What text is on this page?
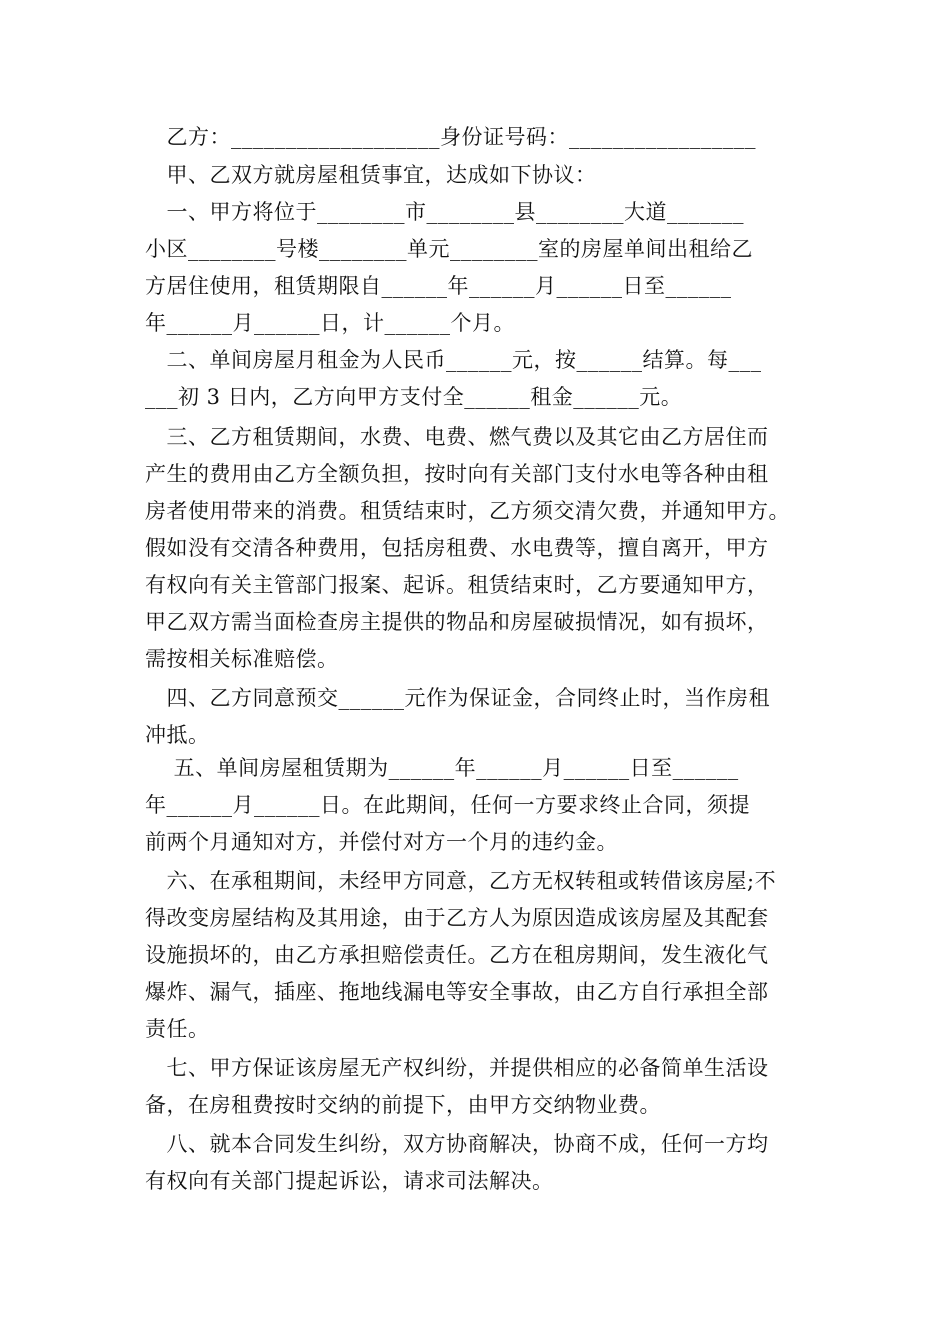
　乙方：___________________身份证号码：_________________
　甲、乙双方就房屋租赁事宜，达成如下协议：
　一、甲方将位于________市________县________大道_______
小区________号楼________单元________室的房屋单间出租给乙
方居住使用，租赁期限自______年______月______日至______
年______月______日，计______个月。
　二、单间房屋月租金为人民币______元，按______结算。每___
___初 3 日内，乙方向甲方支付全______租金______元。
　三、乙方租赁期间，水费、电费、燃气费以及其它由乙方居住而
产生的费用由乙方全额负担，按时向有关部门支付水电等各种由租
房者使用带来的消费。租赁结束时，乙方须交清欠费，并通知甲方。
假如没有交清各种费用，包括房租费、水电费等，擅自离开，甲方
有权向有关主管部门报案、起诉。租赁结束时，乙方要通知甲方，
甲乙双方需当面检查房主提供的物品和房屋破损情况，如有损坏，
需按相关标准赔偿。
　四、乙方同意预交______元作为保证金，合同终止时，当作房租
冲抵。
　 五、单间房屋租赁期为______年______月______日至______
年______月______日。在此期间，任何一方要求终止合同，须提
前两个月通知对方，并偿付对方一个月的违约金。
　六、在承租期间，未经甲方同意，乙方无权转租或转借该房屋;不
得改变房屋结构及其用途，由于乙方人为原因造成该房屋及其配套
设施损坏的，由乙方承担赔偿责任。乙方在租房期间，发生液化气
爆炸、漏气，插座、拖地线漏电等安全事故，由乙方自行承担全部
责任。
　七、甲方保证该房屋无产权纠纷，并提供相应的必备简单生活设
备，在房租费按时交纳的前提下，由甲方交纳物业费。
　八、就本合同发生纠纷，双方协商解决，协商不成，任何一方均
有权向有关部门提起诉讼，请求司法解决。
